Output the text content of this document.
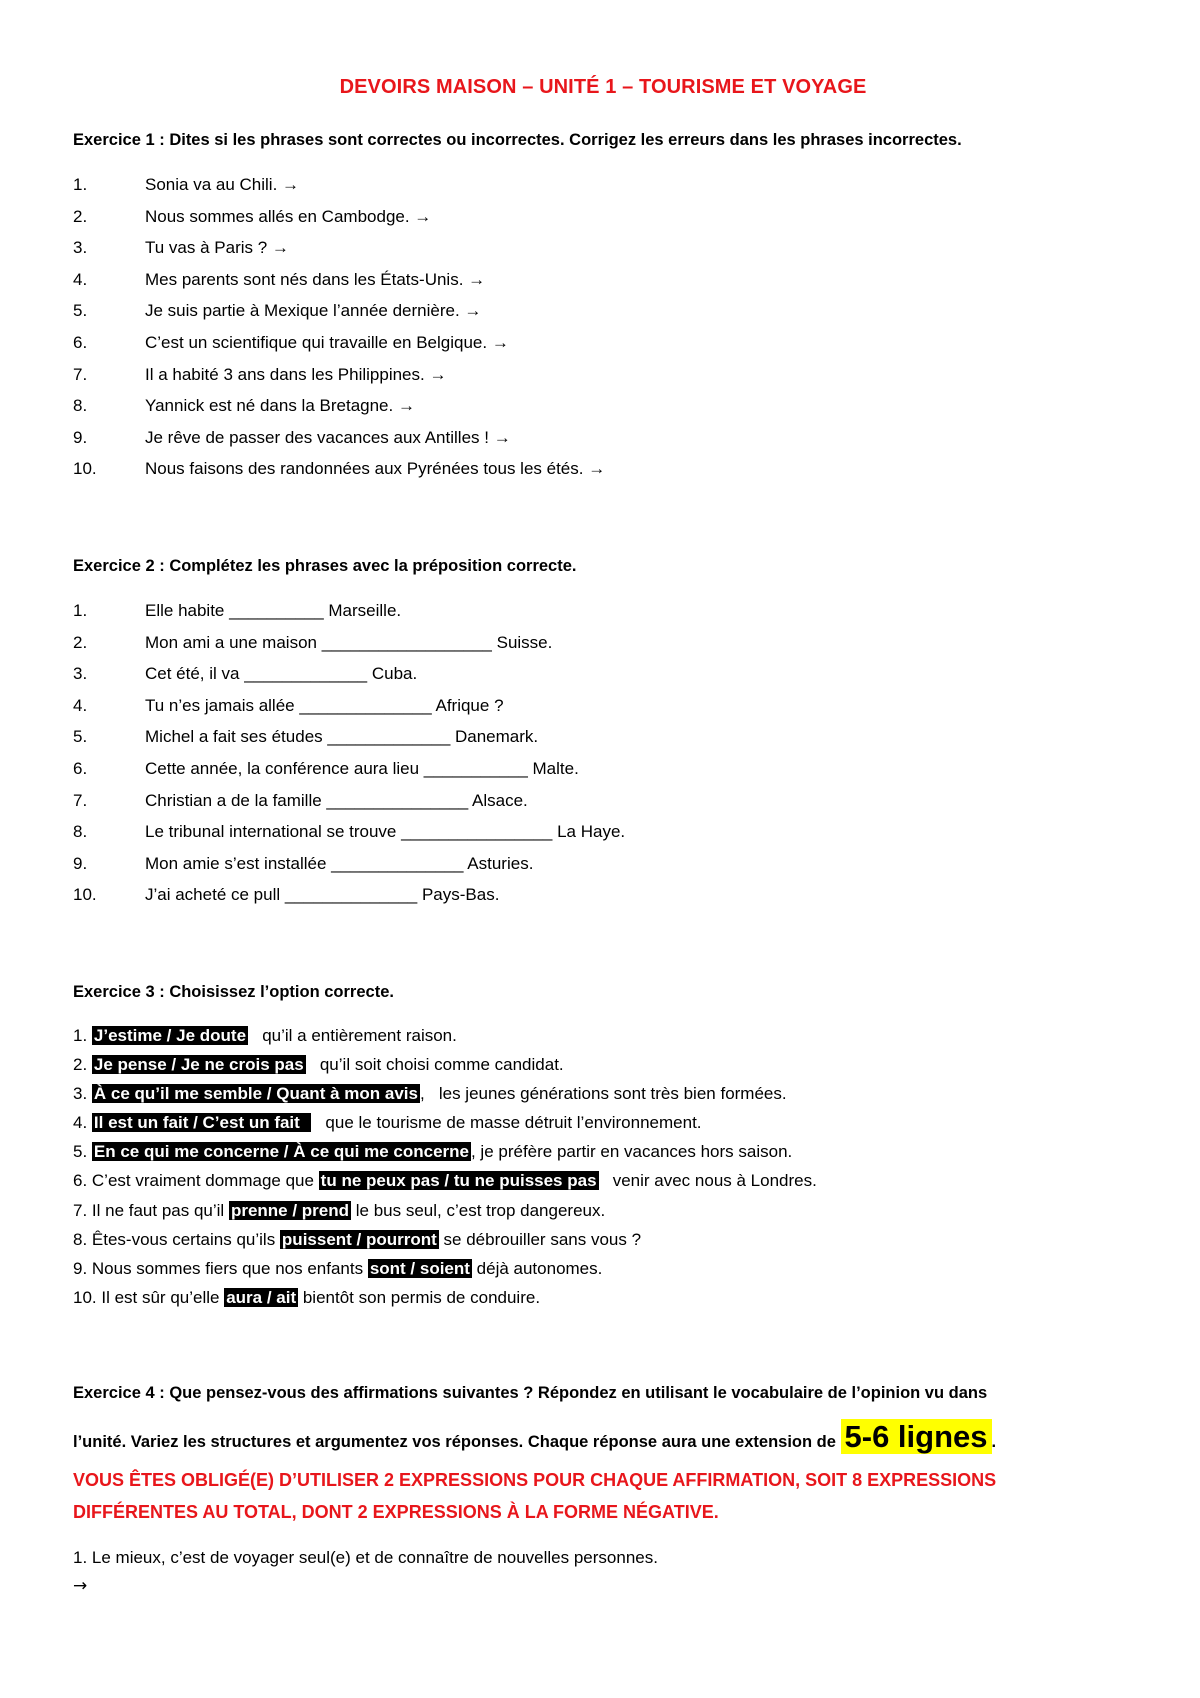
DEVOIRS MAISON – UNITÉ 1 – TOURISME ET VOYAGE
Exercice 1 : Dites si les phrases sont correctes ou incorrectes. Corrigez les erreurs dans les phrases incorrectes.
1.	Sonia va au Chili. →
2.	Nous sommes allés en Cambodge. →
3.	Tu vas à Paris ? →
4.	Mes parents sont nés dans les États-Unis. →
5.	Je suis partie à Mexique l’année dernière. →
6.	C’est un scientifique qui travaille en Belgique. →
7.	Il a habité 3 ans dans les Philippines. →
8.	Yannick est né dans la Bretagne. →
9.	Je rêve de passer des vacances aux Antilles ! →
10.	Nous faisons des randonnées aux Pyrénées tous les étés. →
Exercice 2 : Complétez les phrases avec la préposition correcte.
1.	Elle habite __________ Marseille.
2.	Mon ami a une maison __________________ Suisse.
3.	Cet été, il va _____________ Cuba.
4.	Tu n’es jamais allée ______________ Afrique ?
5.	Michel a fait ses études _____________ Danemark.
6.	Cette année, la conférence aura lieu ___________ Malte.
7.	Christian a de la famille _______________ Alsace.
8.	Le tribunal international se trouve ________________ La Haye.
9.	Mon amie s’est installée ______________ Asturies.
10.	J’ai acheté ce pull ______________ Pays-Bas.
Exercice 3 : Choisissez l’option correcte.
1. J’estime / Je doute   qu’il a entièrement raison.
2. Je pense / Je ne crois pas   qu’il soit choisi comme candidat.
3. À ce qu’il me semble / Quant à mon avis ,   les jeunes générations sont très bien formées.
4. Il est un fait / C’est un fait     que le tourisme de masse détruit l’environnement.
5. En ce qui me concerne / À ce qui me concerne , je préfère partir en vacances hors saison.
6. C’est vraiment dommage que tu ne peux pas / tu ne puisses pas   venir avec nous à Londres.
7. Il ne faut pas qu’il prenne / prend le bus seul, c’est trop dangereux.
8. Êtes-vous certains qu’ils puissent / pourront se débrouiller sans vous ?
9. Nous sommes fiers que nos enfants sont / soient déjà autonomes.
10. Il est sûr qu’elle aura / ait bientôt son permis de conduire.
Exercice 4 : Que pensez-vous des affirmations suivantes ? Répondez en utilisant le vocabulaire de l’opinion vu dans
l’unité. Variez les structures et argumentez vos réponses. Chaque réponse aura une extension de 5-6 lignes .
VOUS ÊTES OBLIGÉ(E) D’UTILISER 2 EXPRESSIONS POUR CHAQUE AFFIRMATION, SOIT 8 EXPRESSIONS
DIFFÉRENTES AU TOTAL, DONT 2 EXPRESSIONS À LA FORME NÉGATIVE.
1. Le mieux, c’est de voyager seul(e) et de connaître de nouvelles personnes.
→
